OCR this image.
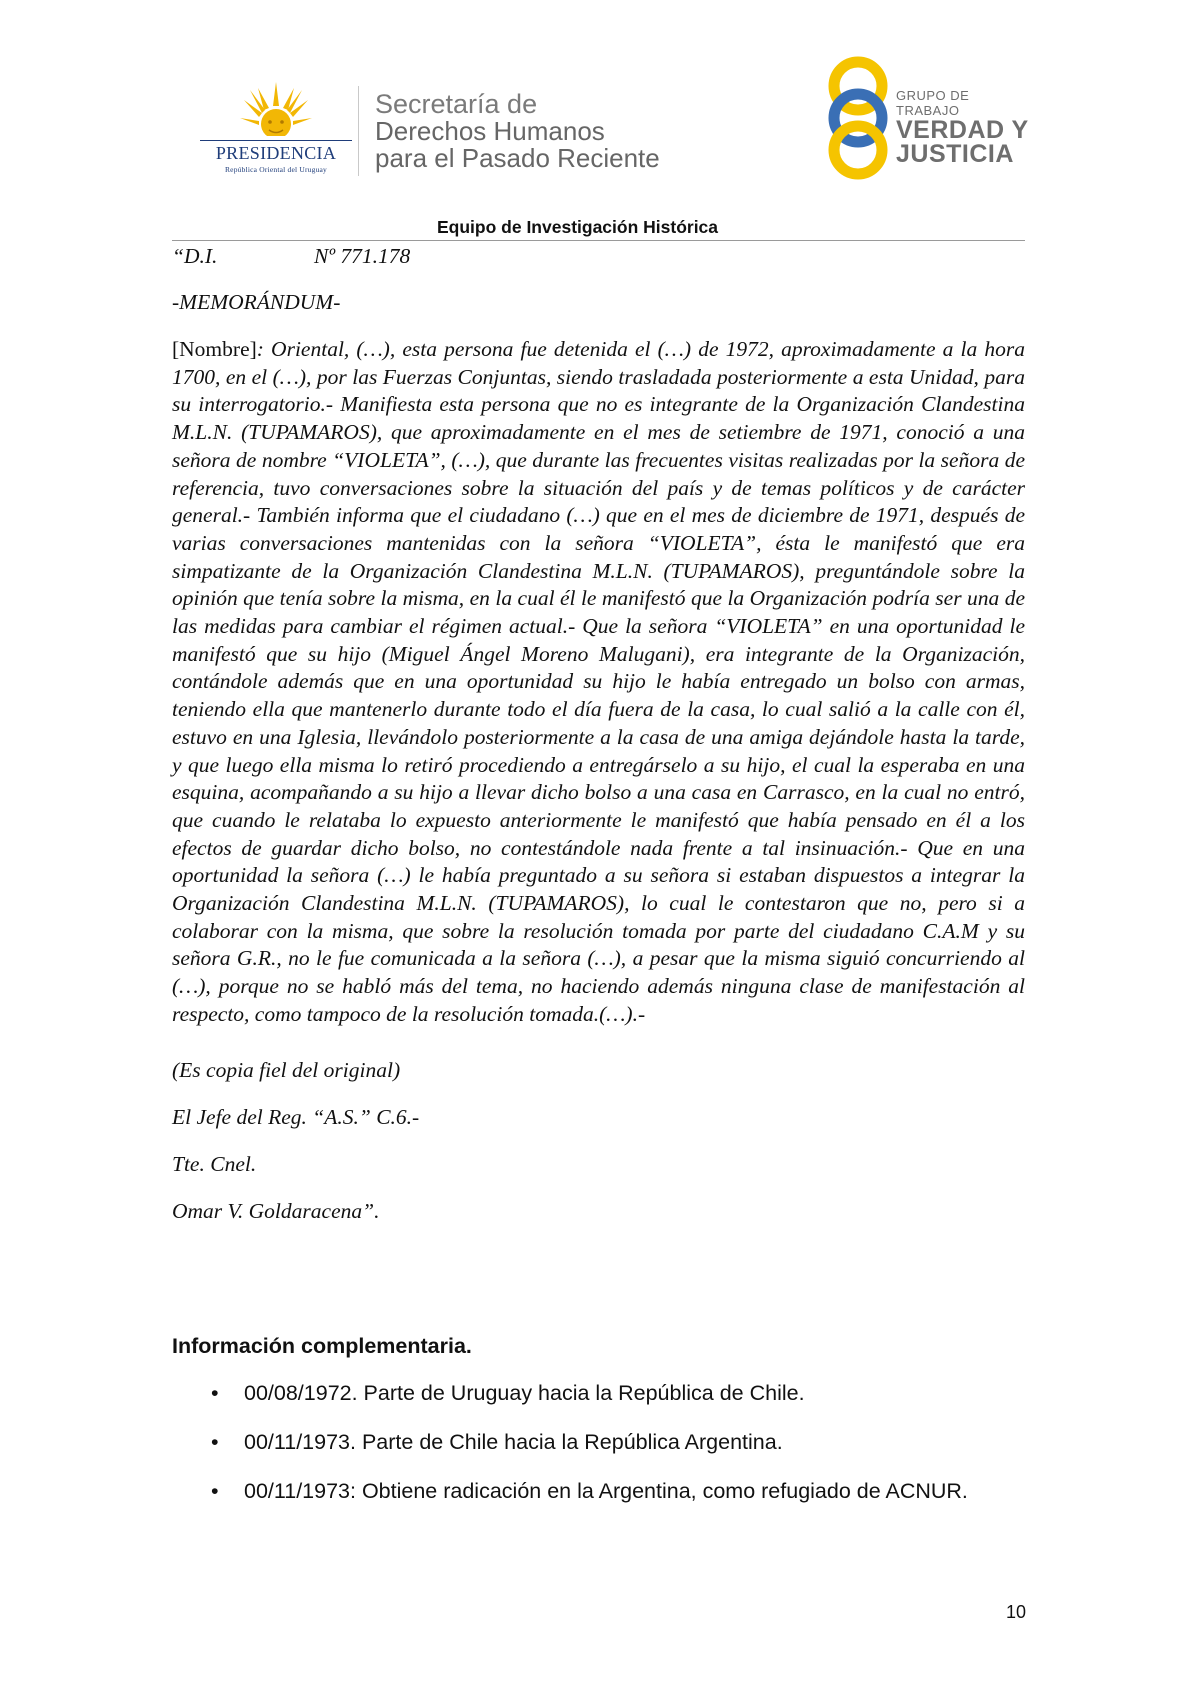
PRESIDENCIA
República Oriental del Uruguay
Secretaría de
Derechos Humanos
para el Pasado Reciente
GRUPO DE TRABAJO
VERDAD Y
JUSTICIA
Equipo de Investigación Histórica
“D.I.	Nº 771.178
-MEMORÁNDUM-
[Nombre]: Oriental, (…), esta persona fue detenida el (…) de 1972, aproximadamente a la hora 1700, en el (…), por las Fuerzas Conjuntas, siendo trasladada posteriormente a esta Unidad, para su interrogatorio.- Manifiesta esta persona que no es integrante de la Organización Clandestina M.L.N. (TUPAMAROS), que aproximadamente en el mes de setiembre de 1971, conoció a una señora de nombre “VIOLETA”, (…), que durante las frecuentes visitas realizadas por la señora de referencia, tuvo conversaciones sobre la situación del país y de temas políticos y de carácter general.- También informa que el ciudadano (…) que en el mes de diciembre de 1971, después de varias conversaciones mantenidas con la señora “VIOLETA”, ésta le manifestó que era simpatizante de la Organización Clandestina M.L.N. (TUPAMAROS), preguntándole sobre la opinión que tenía sobre la misma, en la cual él le manifestó que la Organización podría ser una de las medidas para cambiar el régimen actual.- Que la señora “VIOLETA” en una oportunidad le manifestó que su hijo (Miguel Ángel Moreno Malugani), era integrante de la Organización, contándole además que en una oportunidad su hijo le había entregado un bolso con armas, teniendo ella que mantenerlo durante todo el día fuera de la casa, lo cual salió a la calle con él, estuvo en una Iglesia, llevándolo posteriormente a la casa de una amiga dejándole hasta la tarde, y que luego ella misma lo retiró procediendo a entregárselo a su hijo, el cual la esperaba en una esquina, acompañando a su hijo a llevar dicho bolso a una casa en Carrasco, en la cual no entró, que cuando le relataba lo expuesto anteriormente le manifestó que había pensado en él a los efectos de guardar dicho bolso, no contestándole nada frente a tal insinuación.- Que en una oportunidad la señora (…) le había preguntado a su señora si estaban dispuestos a integrar la Organización Clandestina M.L.N. (TUPAMAROS), lo cual le contestaron que no, pero si a colaborar con la misma, que sobre la resolución tomada por parte del ciudadano C.A.M y su señora G.R., no le fue comunicada a la señora (…), a pesar que la misma siguió concurriendo al (…), porque no se habló más del tema, no haciendo además ninguna clase de manifestación al respecto, como tampoco de la resolución tomada.(…).-
(Es copia fiel del original)
El Jefe del Reg. “A.S.” C.6.-
Tte. Cnel.
Omar V. Goldaracena”.
Información complementaria.
• 00/08/1972. Parte de Uruguay hacia la República de Chile.
• 00/11/1973. Parte de Chile hacia la República Argentina.
• 00/11/1973: Obtiene radicación en la Argentina, como refugiado de ACNUR.
10
